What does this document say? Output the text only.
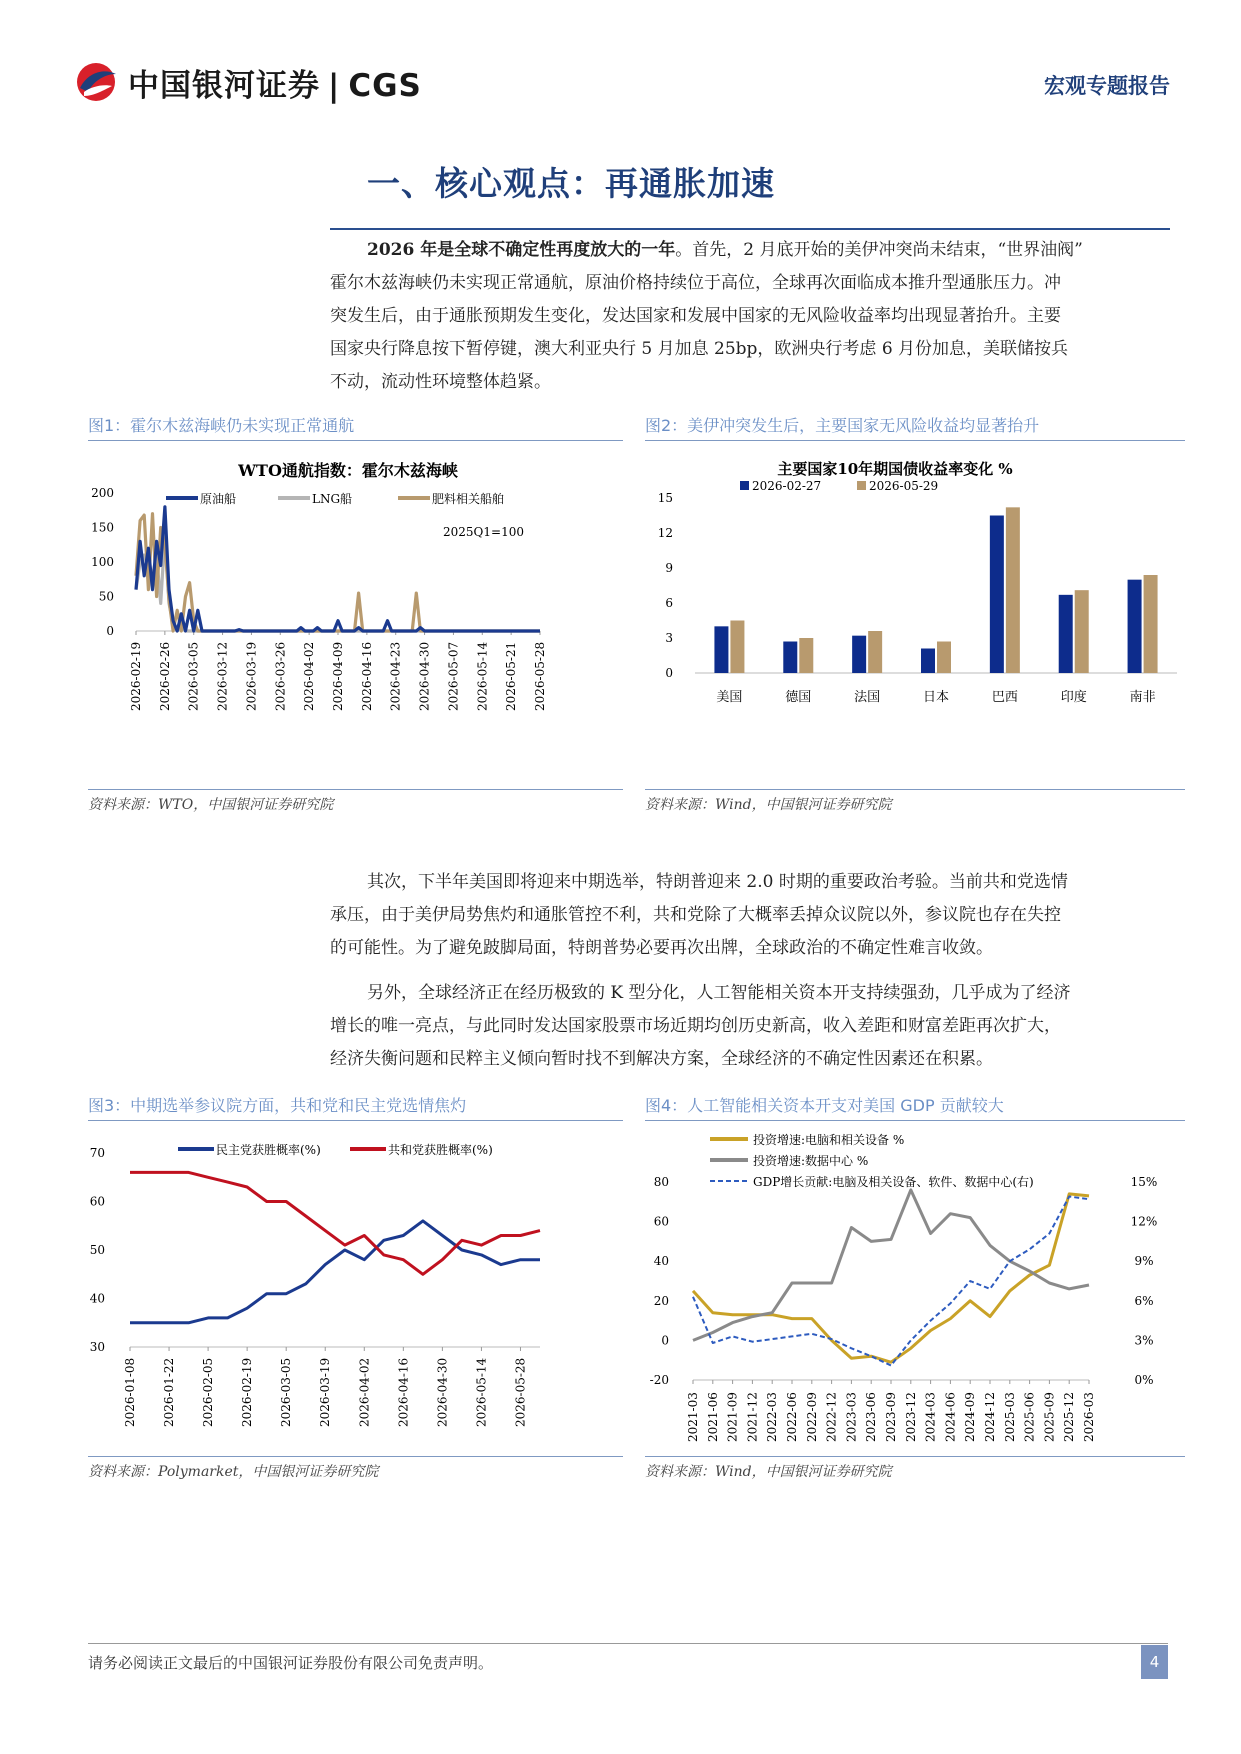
中国银河证券 | CGS	宏观专题报告
一、核心观点：再通胀加速
2026 年是全球不确定性再度放大的一年。首先，2 月底开始的美伊冲突尚未结束，“世界油阀”
霍尔木兹海峡仍未实现正常通航，原油价格持续位于高位，全球再次面临成本推升型通胀压力。冲
突发生后，由于通胀预期发生变化，发达国家和发展中国家的无风险收益率均出现显著抬升。主要
国家央行降息按下暂停键，澳大利亚央行 5 月加息 25bp，欧洲央行考虑 6 月份加息，美联储按兵
不动，流动性环境整体趋紧。
图1：霍尔木兹海峡仍未实现正常通航
WTO通航指数：霍尔木兹海峡
原油船	LNG船	肥料相关船舶
2025Q1=100
0
50
100
150
200
2026-02-19 2026-02-26 2026-03-05 2026-03-12 2026-03-19 2026-03-26 2026-04-02 2026-04-09 2026-04-16 2026-04-23 2026-04-30 2026-05-07 2026-05-14 2026-05-21 2026-05-28
资料来源：WTO，中国银河证券研究院
图2：美伊冲突发生后，主要国家无风险收益均显著抬升
主要国家10年期国债收益率变化 %
2026-02-27	2026-05-29
0
3
6
9
12
15
美国	德国	法国	日本	巴西	印度	南非
资料来源：Wind，中国银河证券研究院
其次，下半年美国即将迎来中期选举，特朗普迎来 2.0 时期的重要政治考验。当前共和党选情
承压，由于美伊局势焦灼和通胀管控不利，共和党除了大概率丢掉众议院以外，参议院也存在失控
的可能性。为了避免跛脚局面，特朗普势必要再次出牌，全球政治的不确定性难言收敛。
另外，全球经济正在经历极致的 K 型分化，人工智能相关资本开支持续强劲，几乎成为了经济
增长的唯一亮点，与此同时发达国家股票市场近期均创历史新高，收入差距和财富差距再次扩大，
经济失衡问题和民粹主义倾向暂时找不到解决方案，全球经济的不确定性因素还在积累。
图3：中期选举参议院方面，共和党和民主党选情焦灼
民主党获胜概率(%)	共和党获胜概率(%)
30
40
50
60
70
2026-01-08 2026-01-22 2026-02-05 2026-02-19 2026-03-05 2026-03-19 2026-04-02 2026-04-16 2026-04-30 2026-05-14 2026-05-28
资料来源：Polymarket，中国银河证券研究院
图4：人工智能相关资本开支对美国 GDP 贡献较大
投资增速:电脑和相关设备 %
投资增速:数据中心 %
GDP增长贡献:电脑及相关设备、软件、数据中心(右)
-20
0
20
40
60
80
0%
3%
6%
9%
12%
15%
2021-03 2021-06 2021-09 2021-12 2022-03 2022-06 2022-09 2022-12 2023-03 2023-06 2023-09 2023-12 2024-03 2024-06 2024-09 2024-12 2025-03 2025-06 2025-09 2025-12 2026-03
资料来源：Wind，中国银河证券研究院
请务必阅读正文最后的中国银河证券股份有限公司免责声明。	4
